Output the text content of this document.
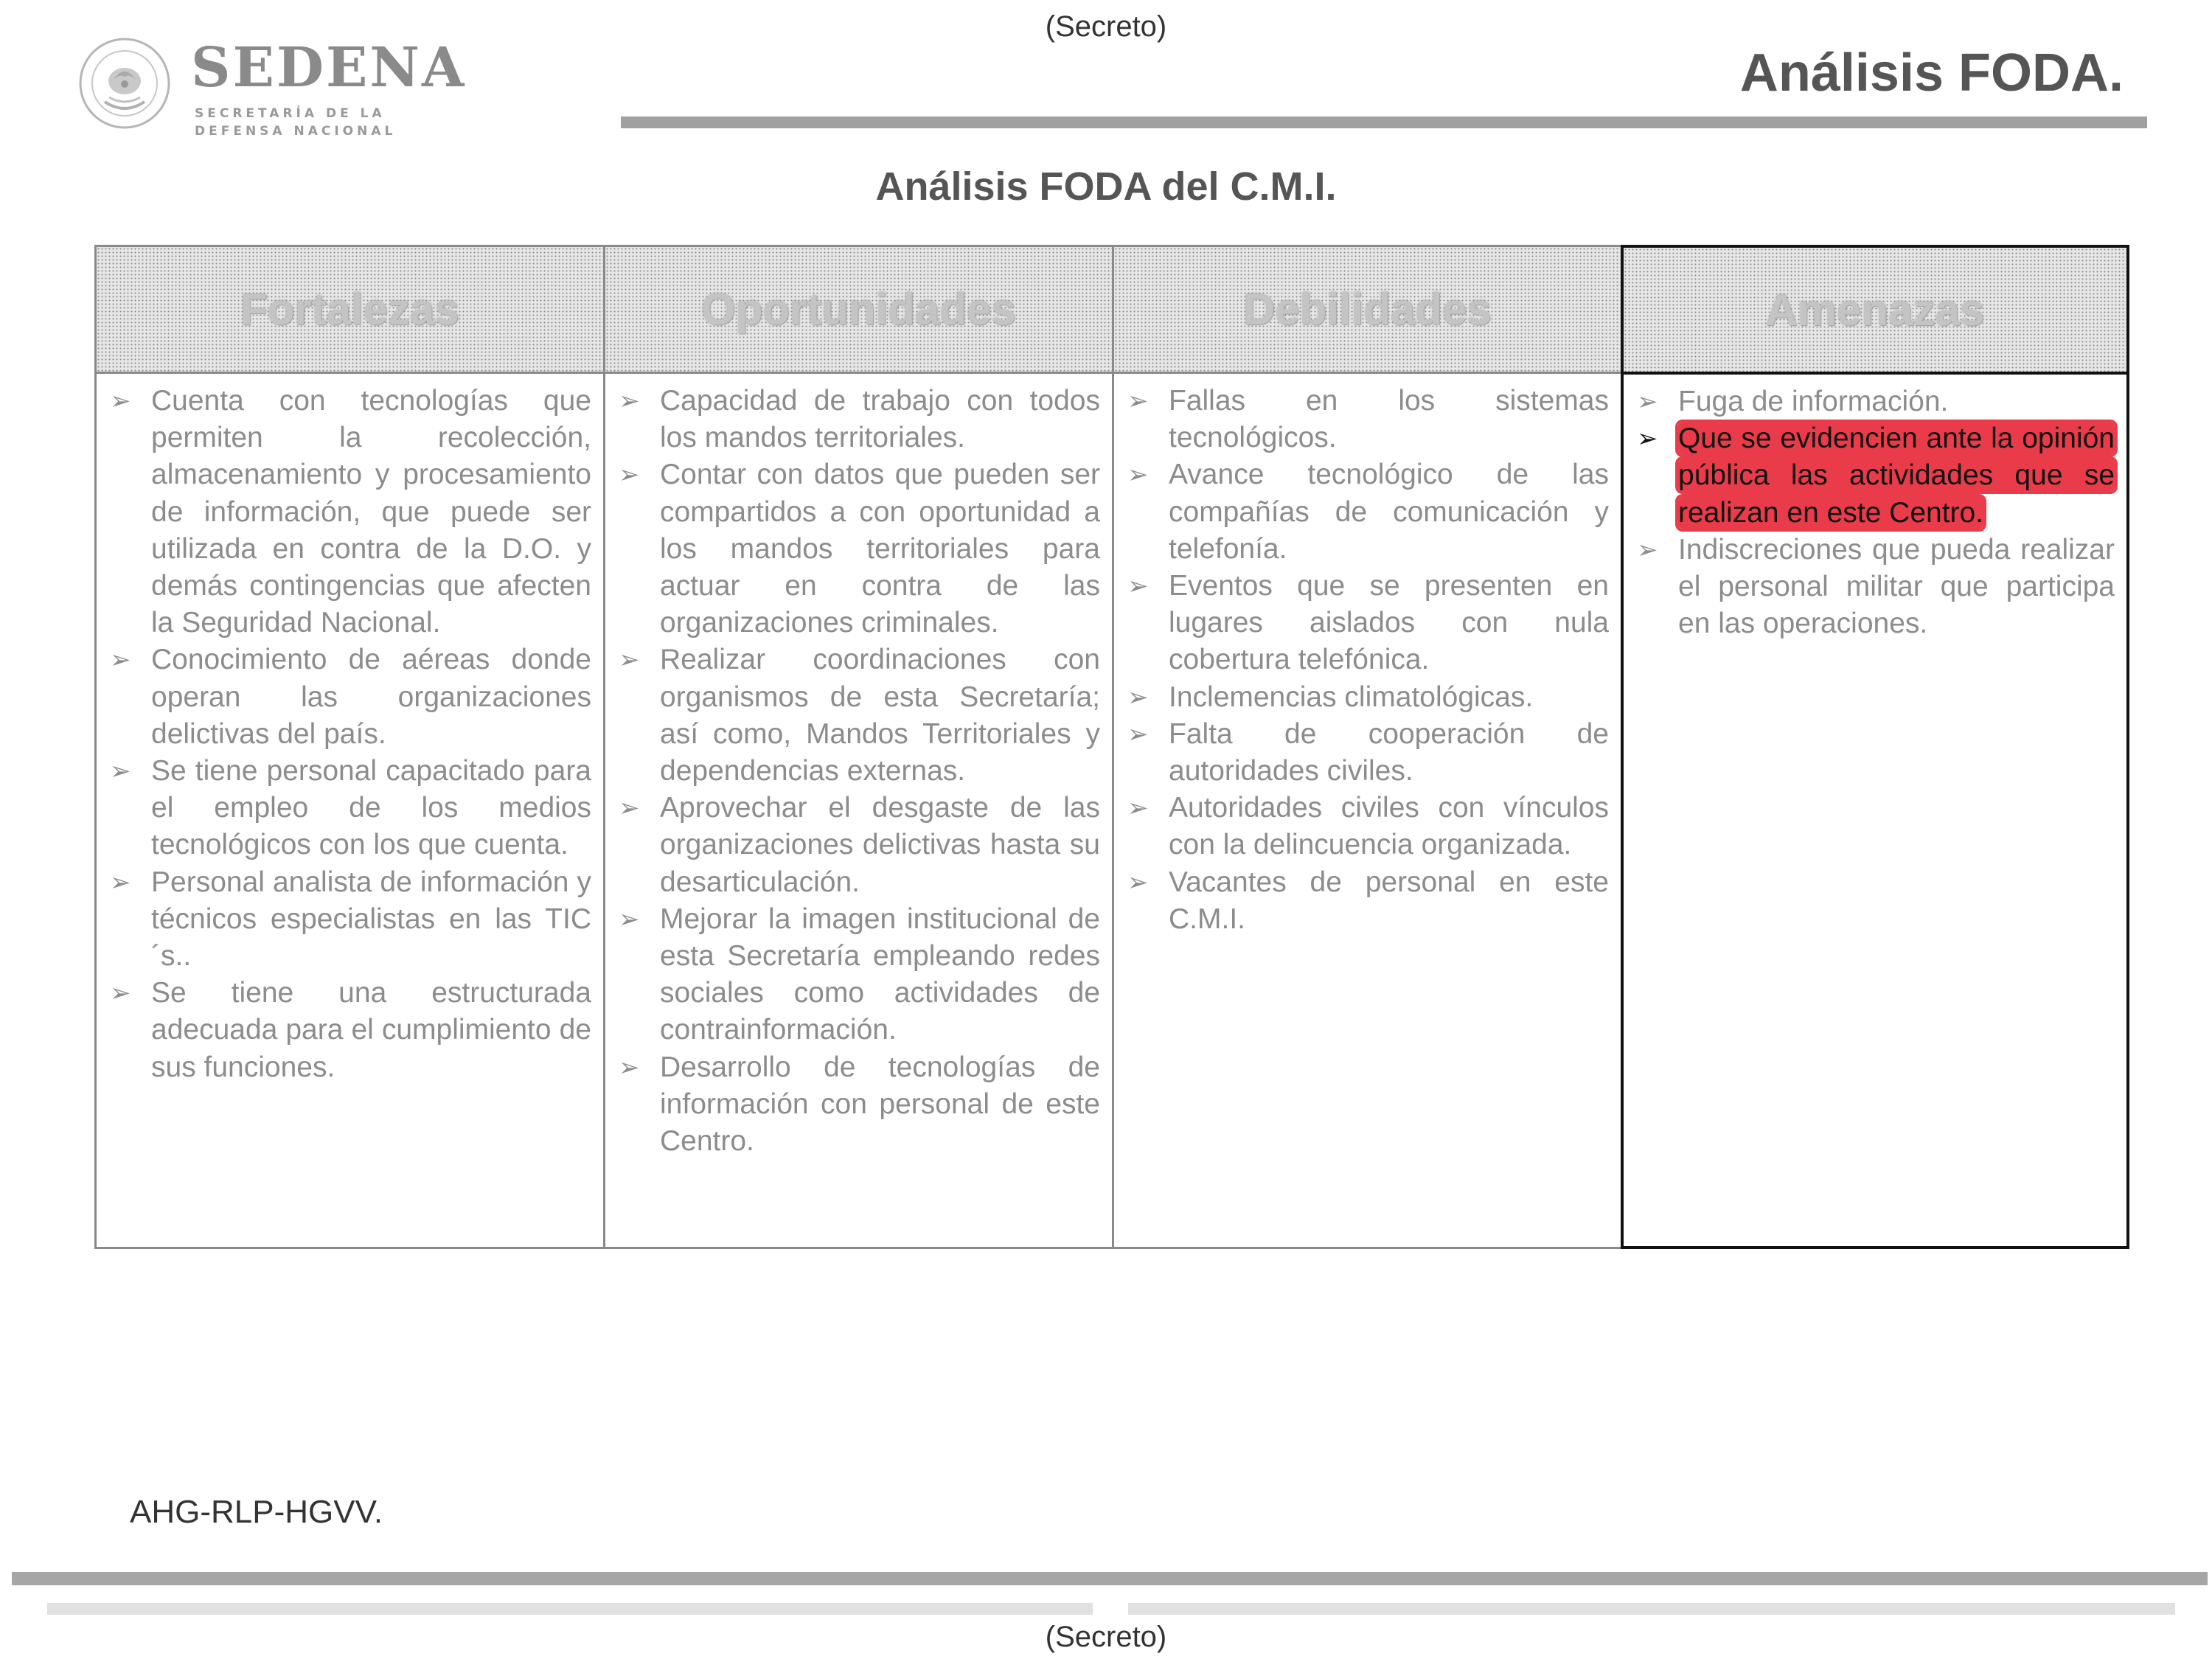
(Secreto)
SEDENA
SECRETARÍA DE LA
DEFENSA NACIONAL
Análisis FODA.
Análisis FODA del C.M.I.
Fortalezas
➢ Cuenta con tecnologías que permiten la recolección, almacenamiento y procesamiento de información, que puede ser utilizada en contra de la D.O. y demás contingencias que afecten la Seguridad Nacional.
➢ Conocimiento de aéreas donde operan las organizaciones delictivas del país.
➢ Se tiene personal capacitado para el empleo de los medios tecnológicos con los que cuenta.
➢ Personal analista de información y técnicos especialistas en las TIC´s..
➢ Se tiene una estructurada adecuada para el cumplimiento de sus funciones.
Oportunidades
➢ Capacidad de trabajo con todos los mandos territoriales.
➢ Contar con datos que pueden ser compartidos a con oportunidad a los mandos territoriales para actuar en contra de las organizaciones criminales.
➢ Realizar coordinaciones con organismos de esta Secretaría; así como, Mandos Territoriales y dependencias externas.
➢ Aprovechar el desgaste de las organizaciones delictivas hasta su desarticulación.
➢ Mejorar la imagen institucional de esta Secretaría empleando redes sociales como actividades de contrainformación.
➢ Desarrollo de tecnologías de información con personal de este Centro.
Debilidades
➢ Fallas en los sistemas tecnológicos.
➢ Avance tecnológico de las compañías de comunicación y telefonía.
➢ Eventos que se presenten en lugares aislados con nula cobertura telefónica.
➢ Inclemencias climatológicas.
➢ Falta de cooperación de autoridades civiles.
➢ Autoridades civiles con vínculos con la delincuencia organizada.
➢ Vacantes de personal en este C.M.I.
Amenazas
➢ Fuga de información.
➢ Que se evidencien ante la opinión pública las actividades que se realizan en este Centro.
➢ Indiscreciones que pueda realizar el personal militar que participa en las operaciones.
AHG-RLP-HGVV.
(Secreto)
